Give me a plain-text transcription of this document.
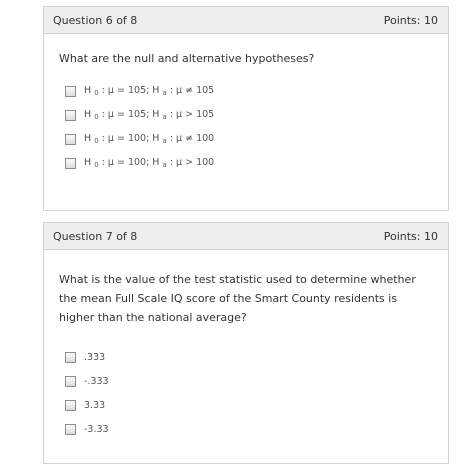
Question 6 of 8	Points: 10
What are the null and alternative hypotheses?
H $_0$ : μ = 105; H $_a$ : μ ≠ 105
H $_0$ : μ = 105; H $_a$ : μ > 105
H $_0$ : μ = 100; H $_a$ : μ ≠ 100
H $_0$ : μ = 100; H $_a$ : μ > 100
Question 7 of 8	Points: 10
What is the value of the test statistic used to determine whether the mean Full Scale IQ score of the Smart County residents is higher than the national average?
.333
-.333
3.33
-3.33
